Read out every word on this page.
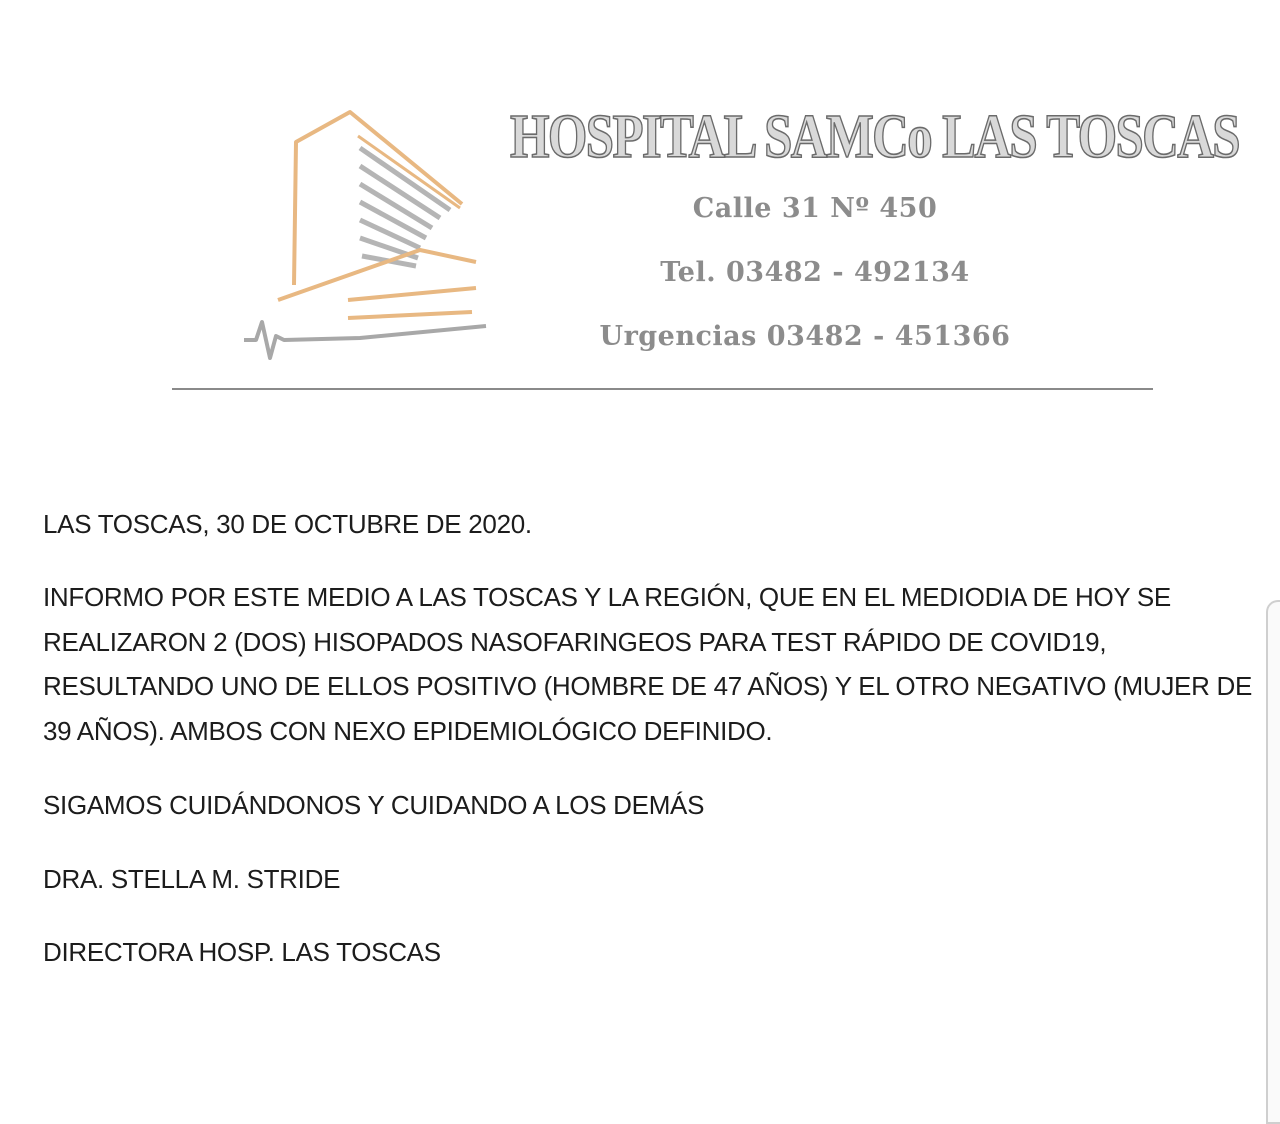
HOSPITAL SAMCo LAS TOSCAS
Calle 31 Nº 450
Tel. 03482 - 492134
Urgencias 03482 - 451366

LAS TOSCAS, 30 DE OCTUBRE DE 2020.

INFORMO POR ESTE MEDIO A LAS TOSCAS Y LA REGIÓN, QUE EN EL MEDIODIA DE HOY SE REALIZARON 2 (DOS) HISOPADOS NASOFARINGEOS PARA TEST RÁPIDO DE COVID19, RESULTANDO UNO DE ELLOS POSITIVO (HOMBRE DE 47 AÑOS) Y EL OTRO NEGATIVO (MUJER DE 39 AÑOS). AMBOS CON NEXO EPIDEMIOLÓGICO DEFINIDO.

SIGAMOS CUIDÁNDONOS Y CUIDANDO A LOS DEMÁS

DRA. STELLA M. STRIDE

DIRECTORA HOSP. LAS TOSCAS
